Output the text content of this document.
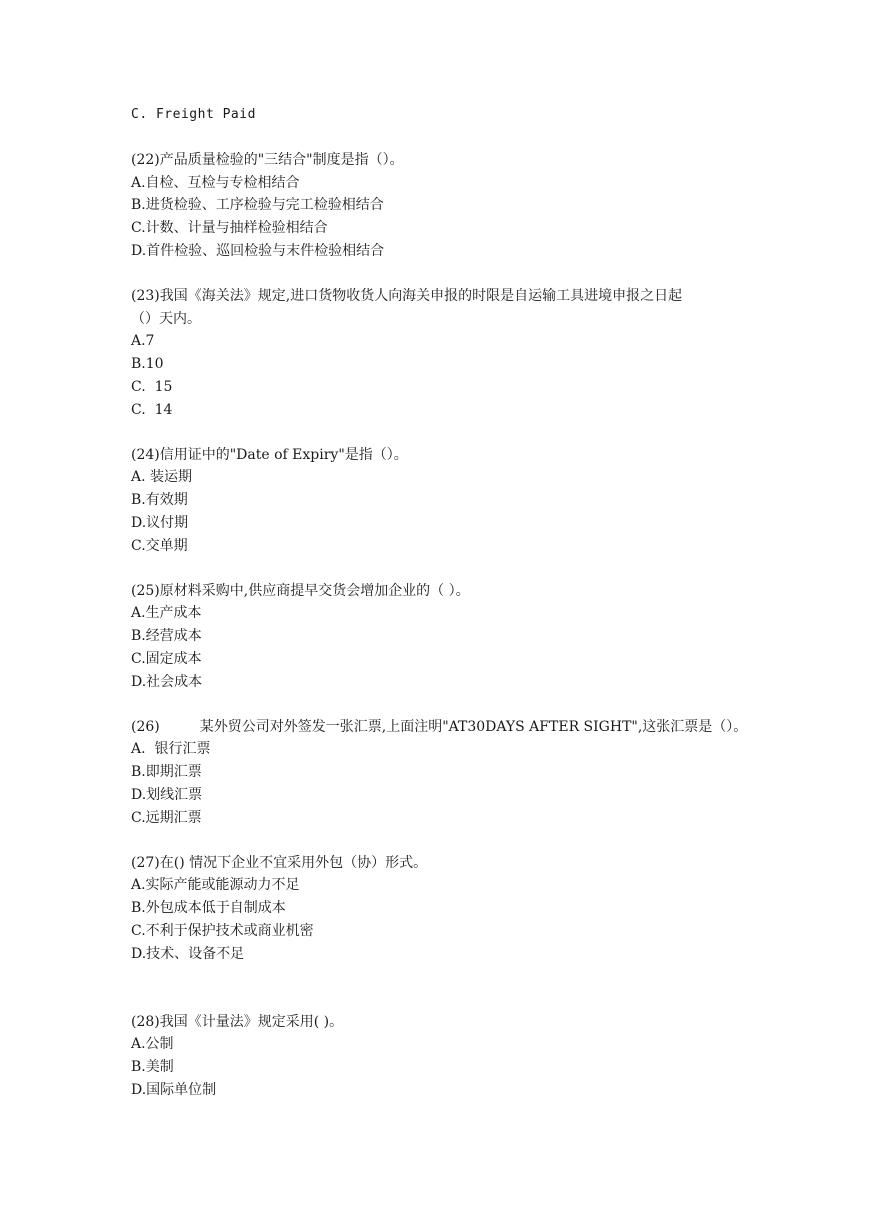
C. Freight Paid
(22)产品质量检验的"三结合"制度是指（）。
A.自检、互检与专检相结合
B.进货检验、工序检验与完工检验相结合
C.计数、计量与抽样检验相结合
D.首件检验、巡回检验与末件检验相结合
(23)我国《海关法》规定,进口货物收货人向海关申报的时限是自运输工具进境申报之日起
（）天内。
A.7
B.10
C.  15
C.  14
(24)信用证中的"Date of Expiry"是指（）。
A. 装运期
B.有效期
D.议付期
C.交单期
(25)原材料采购中,供应商提早交货会增加企业的（ ）。
A.生产成本
B.经营成本
C.固定成本
D.社会成本
(26)	某外贸公司对外签发一张汇票,上面注明"AT30DAYS AFTER SIGHT",这张汇票是（）。
A.  银行汇票
B.即期汇票
D.划线汇票
C.远期汇票
(27)在() 情况下企业不宜采用外包（协）形式。
A.实际产能或能源动力不足
B.外包成本低于自制成本
C.不利于保护技术或商业机密
D.技术、设备不足
(28)我国《计量法》规定采用( )。
A.公制
B.美制
D.国际单位制
